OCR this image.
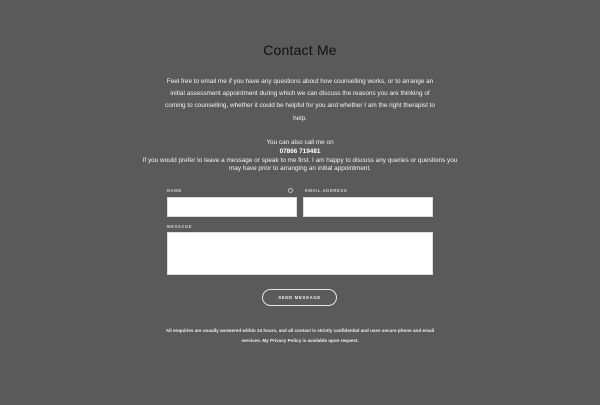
Contact Me
Feel free to email me if you have any questions about how counselling works, or to arrange an initial assessment appointment during which we can discuss the reasons you are thinking of coming to counselling, whether it could be helpful for you and whether I am the right therapist to help.
You can also call me on
07866 719481
If you would prefer to leave a message or speak to me first. I am happy to discuss any queries or questions you may have prior to arranging an initial appointment.
NAME	EMAIL ADDRESS
MESSAGE
SEND MESSAGE
All enquiries are usually answered within 24 hours, and all contact is strictly confidential and uses secure phone and email services. My Privacy Policy is available upon request.
